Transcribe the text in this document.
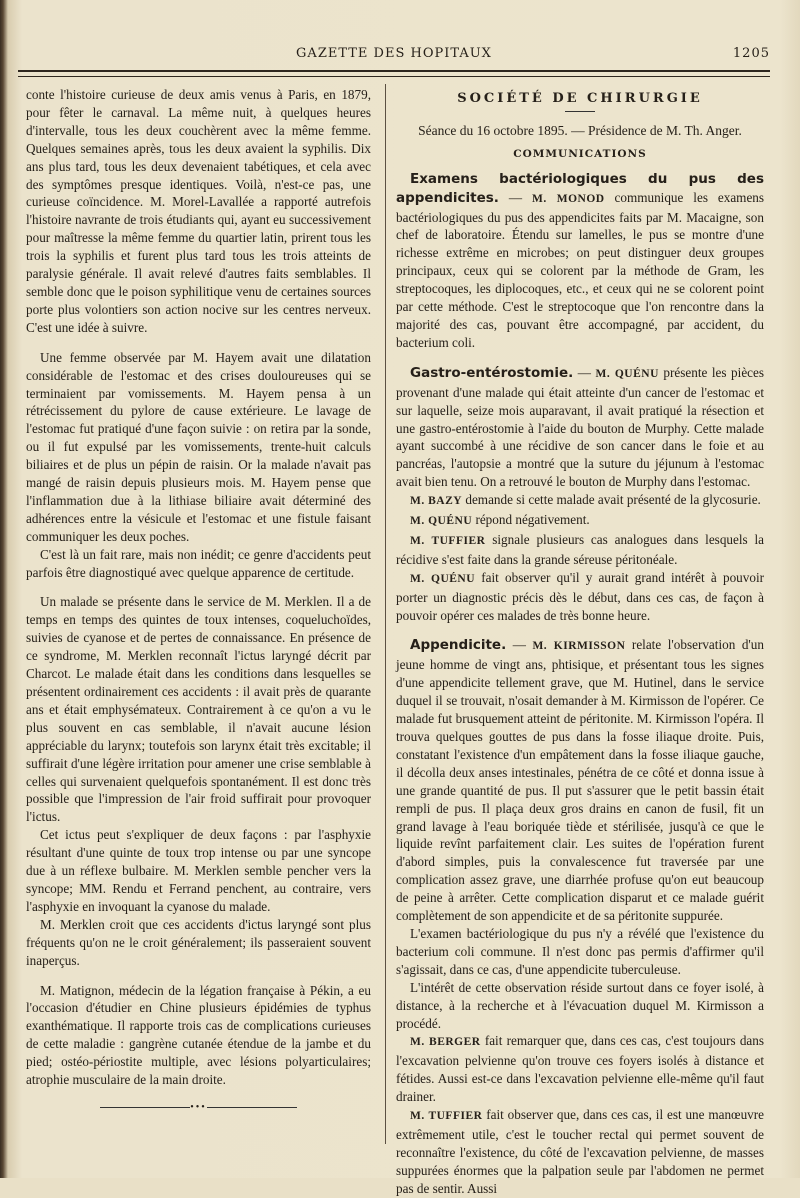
GAZETTE DES HOPITAUX	1205

conte l'histoire curieuse de deux amis venus à Paris, en 1879, pour fêter le carnaval. La même nuit, à quelques heures d'intervalle, tous les deux couchèrent avec la même femme. Quelques semaines après, tous les deux avaient la syphilis. Dix ans plus tard, tous les deux devenaient tabétiques, et cela avec des symptômes presque identiques. Voilà, n'est-ce pas, une curieuse coïncidence. M. Morel-Lavallée a rapporté autrefois l'histoire navrante de trois étudiants qui, ayant eu successivement pour maîtresse la même femme du quartier latin, prirent tous les trois la syphilis et furent plus tard tous les trois atteints de paralysie générale. Il avait relevé d'autres faits semblables. Il semble donc que le poison syphilitique venu de certaines sources porte plus volontiers son action nocive sur les centres nerveux. C'est une idée à suivre.

Une femme observée par M. Hayem avait une dilatation considérable de l'estomac et des crises douloureuses qui se terminaient par vomissements. M. Hayem pensa à un rétrécissement du pylore de cause extérieure. Le lavage de l'estomac fut pratiqué d'une façon suivie : on retira par la sonde, ou il fut expulsé par les vomissements, trente-huit calculs biliaires et de plus un pépin de raisin. Or la malade n'avait pas mangé de raisin depuis plusieurs mois. M. Hayem pense que l'inflammation due à la lithiase biliaire avait déterminé des adhérences entre la vésicule et l'estomac et une fistule faisant communiquer les deux poches.

C'est là un fait rare, mais non inédit; ce genre d'accidents peut parfois être diagnostiqué avec quelque apparence de certitude.

Un malade se présente dans le service de M. Merklen. Il a de temps en temps des quintes de toux intenses, coqueluchoïdes, suivies de cyanose et de pertes de connaissance. En présence de ce syndrome, M. Merklen reconnaît l'ictus laryngé décrit par Charcot. Le malade était dans les conditions dans lesquelles se présentent ordinairement ces accidents : il avait près de quarante ans et était emphysémateux. Contrairement à ce qu'on a vu le plus souvent en cas semblable, il n'avait aucune lésion appréciable du larynx; toutefois son larynx était très excitable; il suffirait d'une légère irritation pour amener une crise semblable à celles qui survenaient quelquefois spontanément. Il est donc très possible que l'impression de l'air froid suffirait pour provoquer l'ictus.

Cet ictus peut s'expliquer de deux façons : par l'asphyxie résultant d'une quinte de toux trop intense ou par une syncope due à un réflexe bulbaire. M. Merklen semble pencher vers la syncope; MM. Rendu et Ferrand penchent, au contraire, vers l'asphyxie en invoquant la cyanose du malade.

M. Merklen croit que ces accidents d'ictus laryngé sont plus fréquents qu'on ne le croit généralement; ils passeraient souvent inaperçus.

M. Matignon, médecin de la légation française à Pékin, a eu l'occasion d'étudier en Chine plusieurs épidémies de typhus exanthématique. Il rapporte trois cas de complications curieuses de cette maladie : gangrène cutanée étendue de la jambe et du pied; ostéo-périostite multiple, avec lésions polyarticulaires; atrophie musculaire de la main droite.

•••
SOCIÉTÉ DE CHIRURGIE
Séance du 16 octobre 1895. — Présidence de M. Th. Anger.
COMMUNICATIONS

Examens bactériologiques du pus des appendicites. — M. MONOD communique les examens bactériologiques du pus des appendicites faits par M. Macaigne, son chef de laboratoire. Étendu sur lamelles, le pus se montre d'une richesse extrême en microbes; on peut distinguer deux groupes principaux, ceux qui se colorent par la méthode de Gram, les streptocoques, les diplocoques, etc., et ceux qui ne se colorent point par cette méthode. C'est le streptocoque que l'on rencontre dans la majorité des cas, pouvant être accompagné, par accident, du bacterium coli.

Gastro-entérostomie. — M. QUÉNU présente les pièces provenant d'une malade qui était atteinte d'un cancer de l'estomac et sur laquelle, seize mois auparavant, il avait pratiqué la résection et une gastro-entérostomie à l'aide du bouton de Murphy. Cette malade ayant succombé à une récidive de son cancer dans le foie et au pancréas, l'autopsie a montré que la suture du jéjunum à l'estomac avait bien tenu. On a retrouvé le bouton de Murphy dans l'estomac.

M. BAZY demande si cette malade avait présenté de la glycosurie.

M. QUÉNU répond négativement.

M. TUFFIER signale plusieurs cas analogues dans lesquels la récidive s'est faite dans la grande séreuse péritonéale.

M. QUÉNU fait observer qu'il y aurait grand intérêt à pouvoir porter un diagnostic précis dès le début, dans ces cas, de façon à pouvoir opérer ces malades de très bonne heure.

Appendicite. — M. KIRMISSON relate l'observation d'un jeune homme de vingt ans, phtisique, et présentant tous les signes d'une appendicite tellement grave, que M. Hutinel, dans le service duquel il se trouvait, n'osait demander à M. Kirmisson de l'opérer. Ce malade fut brusquement atteint de péritonite. M. Kirmisson l'opéra. Il trouva quelques gouttes de pus dans la fosse iliaque droite. Puis, constatant l'existence d'un empâtement dans la fosse iliaque gauche, il décolla deux anses intestinales, pénétra de ce côté et donna issue à une grande quantité de pus. Il put s'assurer que le petit bassin était rempli de pus. Il plaça deux gros drains en canon de fusil, fit un grand lavage à l'eau boriquée tiède et stérilisée, jusqu'à ce que le liquide revînt parfaitement clair. Les suites de l'opération furent d'abord simples, puis la convalescence fut traversée par une complication assez grave, une diarrhée profuse qu'on eut beaucoup de peine à arrêter. Cette complication disparut et ce malade guérit complètement de son appendicite et de sa péritonite suppurée.

L'examen bactériologique du pus n'y a révélé que l'existence du bacterium coli commune. Il n'est donc pas permis d'affirmer qu'il s'agissait, dans ce cas, d'une appendicite tuberculeuse.

L'intérêt de cette observation réside surtout dans ce foyer isolé, à distance, à la recherche et à l'évacuation duquel M. Kirmisson a procédé.

M. BERGER fait remarquer que, dans ces cas, c'est toujours dans l'excavation pelvienne qu'on trouve ces foyers isolés à distance et fétides. Aussi est-ce dans l'excavation pelvienne elle-même qu'il faut drainer.

M. TUFFIER fait observer que, dans ces cas, il est une manœuvre extrêmement utile, c'est le toucher rectal qui permet souvent de reconnaître l'existence, du côté de l'excavation pelvienne, de masses suppurées énormes que la palpation seule par l'abdomen ne permet pas de sentir. Aussi
